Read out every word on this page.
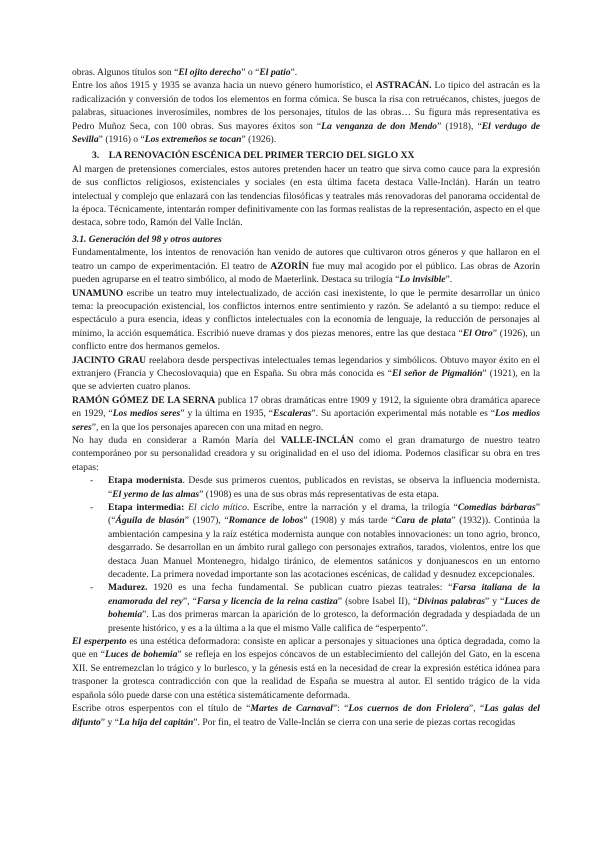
obras. Algunos títulos son “El ojito derecho” o “El patio”.

Entre los años 1915 y 1935 se avanza hacia un nuevo género humorístico, el ASTRACÁN. Lo típico del astracán es la radicalización y conversión de todos los elementos en forma cómica. Se busca la risa con retruécanos, chistes, juegos de palabras, situaciones inverosímiles, nombres de los personajes, títulos de las obras… Su figura más representativa es Pedro Muñoz Seca, con 100 obras. Sus mayores éxitos son “La venganza de don Mendo” (1918), “El verdugo de Sevilla” (1916) o “Los extremeños se tocan” (1926).

3. LA RENOVACIÓN ESCÉNICA DEL PRIMER TERCIO DEL SIGLO XX

Al margen de pretensiones comerciales, estos autores pretenden hacer un teatro que sirva como cauce para la expresión de sus conflictos religiosos, existenciales y sociales (en esta última faceta destaca Valle-Inclán). Harán un teatro intelectual y complejo que enlazará con las tendencias filosóficas y teatrales más renovadoras del panorama occidental de la época. Técnicamente, intentarán romper definitivamente con las formas realistas de la representación, aspecto en el que destaca, sobre todo, Ramón del Valle Inclán.

3.1. Generación del 98 y otros autores

Fundamentalmente, los intentos de renovación han venido de autores que cultivaron otros géneros y que hallaron en el teatro un campo de experimentación. El teatro de AZORÍN fue muy mal acogido por el público. Las obras de Azorín pueden agruparse en el teatro simbólico, al modo de Maeterlink. Destaca su trilogía “Lo invisible”.

UNAMUNO escribe un teatro muy intelectualizado, de acción casi inexistente, lo que le permite desarrollar un único tema: la preocupación existencial, los conflictos internos entre sentimiento y razón. Se adelantó a su tiempo: reduce el espectáculo a pura esencia, ideas y conflictos intelectuales con la economía de lenguaje, la reducción de personajes al mínimo, la acción esquemática. Escribió nueve dramas y dos piezas menores, entre las que destaca “El Otro” (1926), un conflicto entre dos hermanos gemelos.

JACINTO GRAU reelabora desde perspectivas intelectuales temas legendarios y simbólicos. Obtuvo mayor éxito en el extranjero (Francia y Checoslovaquia) que en España. Su obra más conocida es “El señor de Pigmalión” (1921), en la que se advierten cuatro planos.

RAMÓN GÓMEZ DE LA SERNA publica 17 obras dramáticas entre 1909 y 1912, la siguiente obra dramática aparece en 1929, “Los medios seres” y la última en 1935, “Escaleras”. Su aportación experimental más notable es “Los medios seres”, en la que los personajes aparecen con una mitad en negro.

No hay duda en considerar a Ramón María del VALLE-INCLÁN como el gran dramaturgo de nuestro teatro contemporáneo por su personalidad creadora y su originalidad en el uso del idioma. Podemos clasificar su obra en tres etapas:

- Etapa modernista. Desde sus primeros cuentos, publicados en revistas, se observa la influencia modernista. “El yermo de las almas” (1908) es una de sus obras más representativas de esta etapa.
- Etapa intermedia: El ciclo mítico. Escribe, entre la narración y el drama, la trilogía “Comedias bárbaras” (“Águila de blasón” (1907), “Romance de lobos” (1908) y más tarde “Cara de plata” (1932)). Continúa la ambientación campesina y la raíz estética modernista aunque con notables innovaciones: un tono agrio, bronco, desgarrado. Se desarrollan en un ámbito rural gallego con personajes extraños, tarados, violentos, entre los que destaca Juan Manuel Montenegro, hidalgo tiránico, de elementos satánicos y donjuanescos en un entorno decadente. La primera novedad importante son las acotaciones escénicas, de calidad y desnudez excepcionales.
- Madurez. 1920 es una fecha fundamental. Se publican cuatro piezas teatrales: “Farsa italiana de la enamorada del rey”, “Farsa y licencia de la reina castiza” (sobre Isabel II), “Divinas palabras” y “Luces de bohemia”. Las dos primeras marcan la aparición de lo grotesco, la deformación degradada y despiadada de un presente histórico, y es a la última a la que el mismo Valle califica de “esperpento”.

El esperpento es una estética deformadora: consiste en aplicar a personajes y situaciones una óptica degradada, como la que en “Luces de bohemia” se refleja en los espejos cóncavos de un establecimiento del callejón del Gato, en la escena XII. Se entremezclan lo trágico y lo burlesco, y la génesis está en la necesidad de crear la expresión estética idónea para trasponer la grotesca contradicción con que la realidad de España se muestra al autor. El sentido trágico de la vida española sólo puede darse con una estética sistemáticamente deformada.

Escribe otros esperpentos con el título de “Martes de Carnaval”: “Los cuernos de don Friolera”, “Las galas del difunto” y “La hija del capitán”. Por fin, el teatro de Valle-Inclán se cierra con una serie de piezas cortas recogidas
